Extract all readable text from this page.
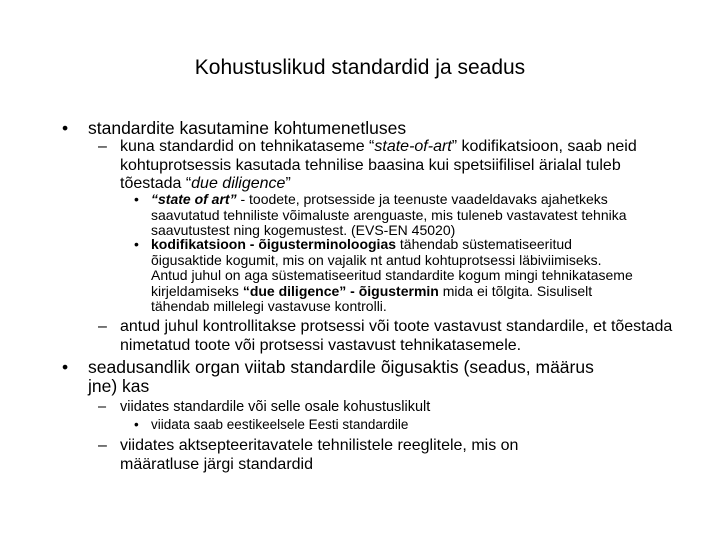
Kohustuslikud standardid ja seadus
• standardite kasutamine kohtumenetluses
– kuna standardid on tehnikataseme “state-of-art” kodifikatsioon, saab neid kohtuprotsessis kasutada tehnilise baasina kui spetsiifilisel ärialal tuleb tõestada “due diligence”
• “state of art” - toodete, protsesside ja teenuste vaadeldavaks ajahetkeks saavutatud tehniliste võimaluste arenguaste, mis tuleneb vastavatest tehnika saavutustest ning kogemustest. (EVS-EN 45020)
• kodifikatsioon - õigusterminoloogias tähendab süstematiseeritud õigusaktide kogumit, mis on vajalik nt antud kohtuprotsessi läbiviimiseks. Antud juhul on aga süstematiseeritud standardite kogum mingi tehnikataseme kirjeldamiseks “due diligence” - õigustermin mida ei tõlgita. Sisuliselt tähendab millelegi vastavuse kontrolli.
– antud juhul kontrollitakse protsessi või toote vastavust standardile, et tõestada nimetatud toote või protsessi vastavust tehnikatasemele.
• seadusandlik organ viitab standardile õigusaktis (seadus, määrus jne) kas
– viidates standardile või selle osale kohustuslikult
• viidata saab eestikeelsele Eesti standardile
– viidates aktsepteeritavatele tehnilistele reeglitele, mis on määratluse järgi standardid
